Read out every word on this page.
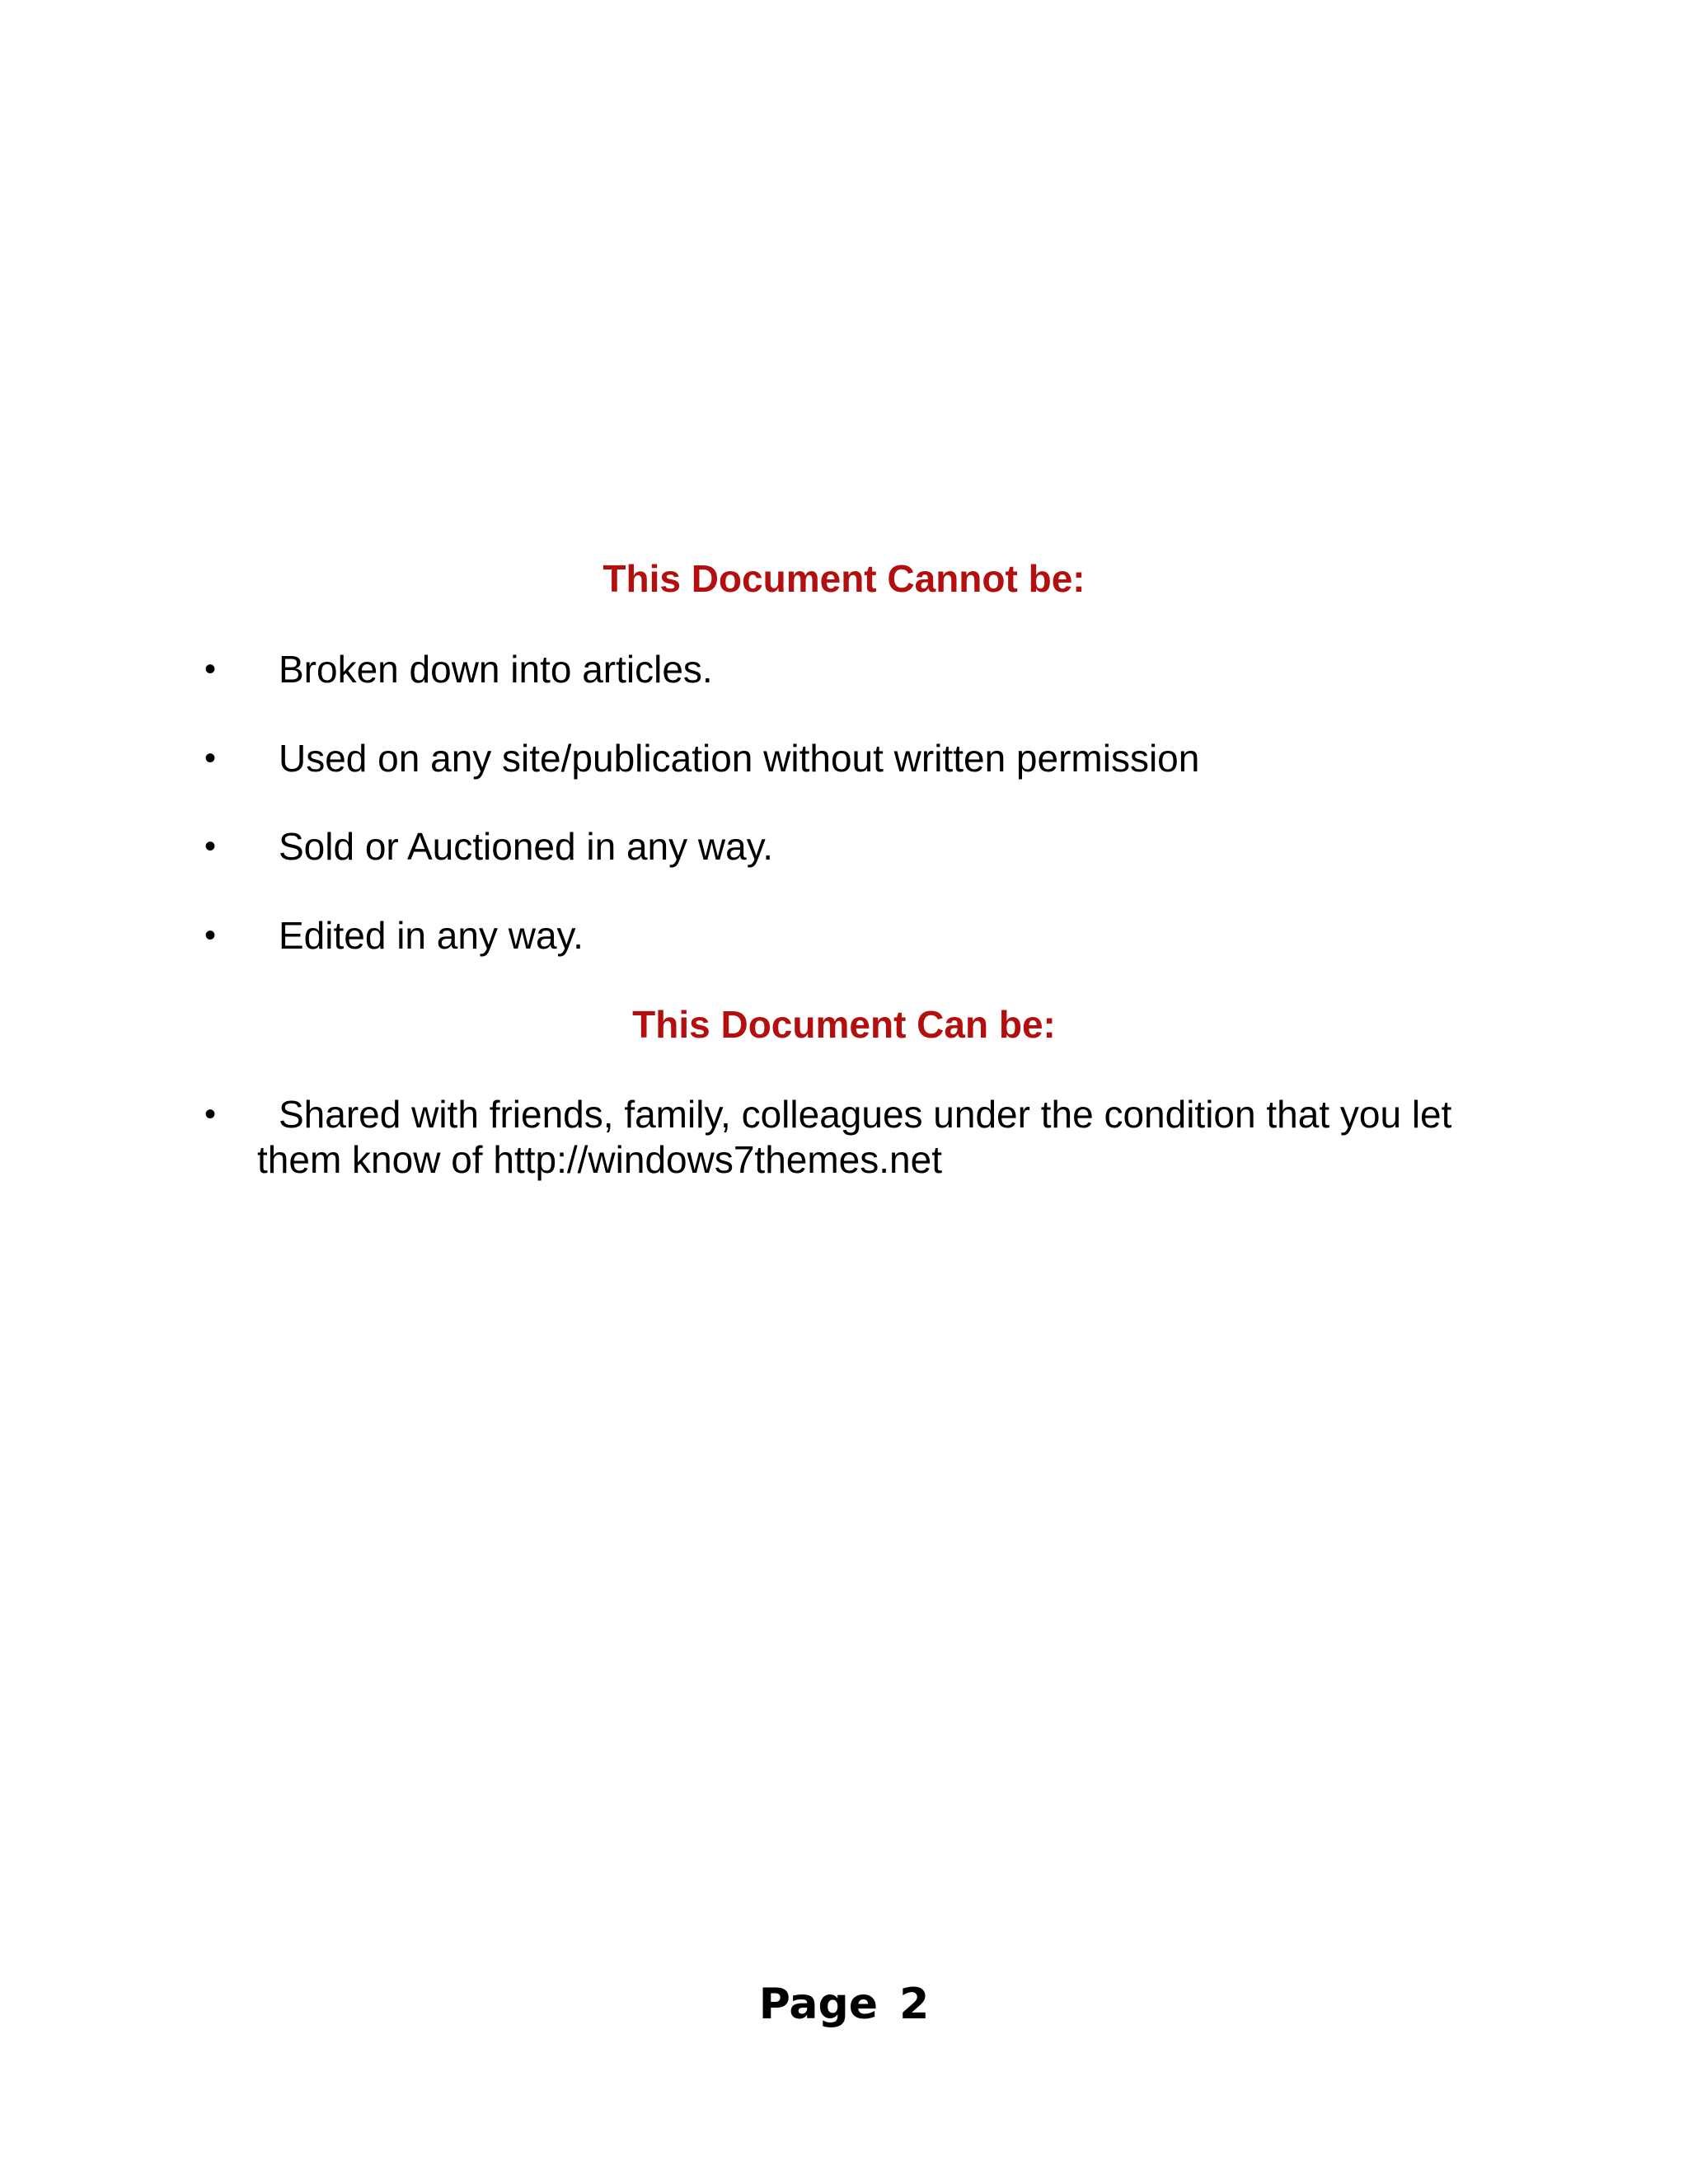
This Document Cannot be:
• Broken down into articles.
• Used on any site/publication without written permission
• Sold or Auctioned in any way.
• Edited in any way.
This Document Can be:
• Shared with friends, family, colleagues under the condition that you let
them know of http://windows7themes.net
Page 2
